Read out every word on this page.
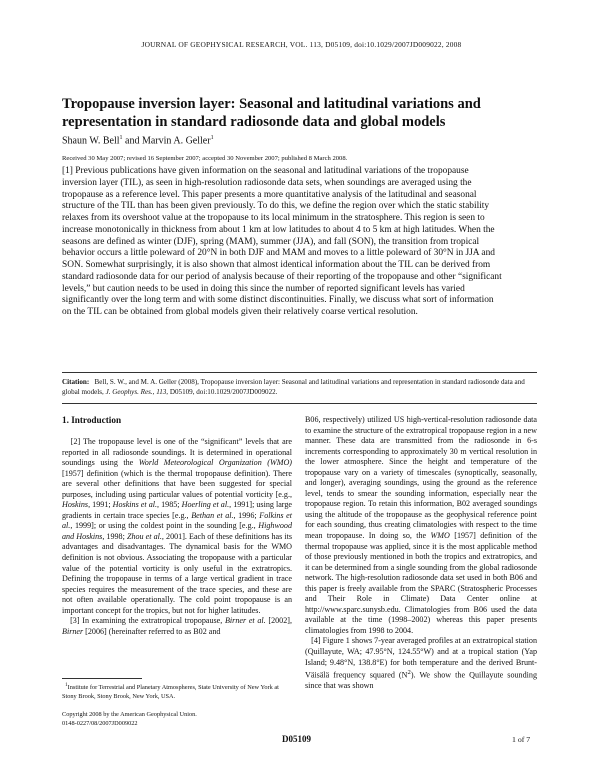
JOURNAL OF GEOPHYSICAL RESEARCH, VOL. 113, D05109, doi:10.1029/2007JD009022, 2008
Tropopause inversion layer: Seasonal and latitudinal variations and representation in standard radiosonde data and global models
Shaun W. Bell$^1$ and Marvin A. Geller$^1$
Received 30 May 2007; revised 16 September 2007; accepted 30 November 2007; published 8 March 2008.

[1] Previous publications have given information on the seasonal and latitudinal variations of the tropopause inversion layer (TIL), as seen in high-resolution radiosonde data sets, when soundings are averaged using the tropopause as a reference level. This paper presents a more quantitative analysis of the latitudinal and seasonal structure of the TIL than has been given previously. To do this, we define the region over which the static stability relaxes from its overshoot value at the tropopause to its local minimum in the stratosphere. This region is seen to increase monotonically in thickness from about 1 km at low latitudes to about 4 to 5 km at high latitudes. When the seasons are defined as winter (DJF), spring (MAM), summer (JJA), and fall (SON), the transition from tropical behavior occurs a little poleward of 20°N in both DJF and MAM and moves to a little poleward of 30°N in JJA and SON. Somewhat surprisingly, it is also shown that almost identical information about the TIL can be derived from standard radiosonde data for our period of analysis because of their reporting of the tropopause and other “significant levels,” but caution needs to be used in doing this since the number of reported significant levels has varied significantly over the long term and with some distinct discontinuities. Finally, we discuss what sort of information on the TIL can be obtained from global models given their relatively coarse vertical resolution.

Citation: Bell, S. W., and M. A. Geller (2008), Tropopause inversion layer: Seasonal and latitudinal variations and representation in standard radiosonde data and global models, J. Geophys. Res., 113, D05109, doi:10.1029/2007JD009022.

1. Introduction

[2] The tropopause level is one of the “significant” levels that are reported in all radiosonde soundings. It is determined in operational soundings using the World Meteorological Organization (WMO) [1957] definition (which is the thermal tropopause definition). There are several other definitions that have been suggested for special purposes, including using particular values of potential vorticity [e.g., Hoskins, 1991; Hoskins et al., 1985; Hoerling et al., 1991]; using large gradients in certain trace species [e.g., Bethan et al., 1996; Folkins et al., 1999]; or using the coldest point in the sounding [e.g., Highwood and Hoskins, 1998; Zhou et al., 2001]. Each of these definitions has its advantages and disadvantages. The dynamical basis for the WMO definition is not obvious. Associating the tropopause with a particular value of the potential vorticity is only useful in the extratropics. Defining the tropopause in terms of a large vertical gradient in trace species requires the measurement of the trace species, and these are not often available operationally. The cold point tropopause is an important concept for the tropics, but not for higher latitudes.

[3] In examining the extratropical tropopause, Birner et al. [2002], Birner [2006] (hereinafter referred to as B02 and

B06, respectively) utilized US high-vertical-resolution radiosonde data to examine the structure of the extratropical tropopause region in a new manner. These data are transmitted from the radiosonde in 6-s increments corresponding to approximately 30 m vertical resolution in the lower atmosphere. Since the height and temperature of the tropopause vary on a variety of timescales (synoptically, seasonally, and longer), averaging soundings, using the ground as the reference level, tends to smear the sounding information, especially near the tropopause region. To retain this information, B02 averaged soundings using the altitude of the tropopause as the geophysical reference point for each sounding, thus creating climatologies with respect to the time mean tropopause. In doing so, the WMO [1957] definition of the thermal tropopause was applied, since it is the most applicable method of those previously mentioned in both the tropics and extratropics, and it can be determined from a single sounding from the global radiosonde network. The high-resolution radiosonde data set used in both B06 and this paper is freely available from the SPARC (Stratospheric Processes and Their Role in Climate) Data Center online at http://www.sparc.sunysb.edu. Climatologies from B06 used the data available at the time (1998–2002) whereas this paper presents climatologies from 1998 to 2004.

[4] Figure 1 shows 7-year averaged profiles at an extratropical station (Quillayute, WA; 47.95°N, 124.55°W) and at a tropical station (Yap Island; 9.48°N, 138.8°E) for both temperature and the derived Brunt-Väisälä frequency squared $(N^2)$. We show the Quillayute sounding since that was shown

$^1$Institute for Terrestrial and Planetary Atmospheres, State University of New York at Stony Brook, Stony Brook, New York, USA.
Copyright 2008 by the American Geophysical Union.
0148-0227/08/2007JD009022
D05109	1 of 7
